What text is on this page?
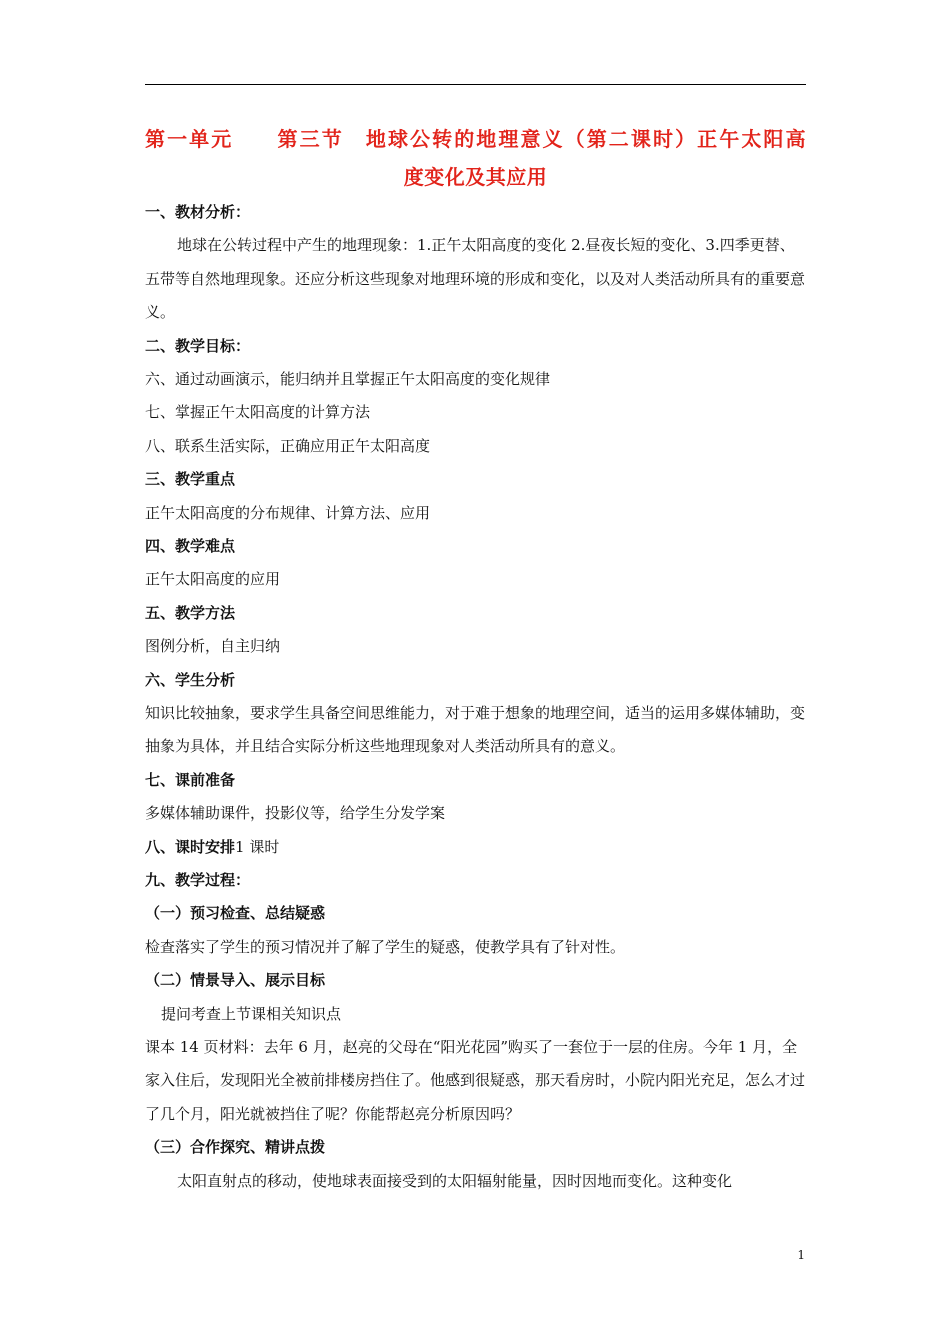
第一单元　　第三节　地球公转的地理意义（第二课时）正午太阳高
度变化及其应用
一、教材分析：
地球在公转过程中产生的地理现象：1.正午太阳高度的变化 2.昼夜长短的变化、3.四季更替、五带等自然地理现象。还应分析这些现象对地理环境的形成和变化，以及对人类活动所具有的重要意义。
二、教学目标：
六、通过动画演示，能归纳并且掌握正午太阳高度的变化规律
七、掌握正午太阳高度的计算方法
八、联系生活实际，正确应用正午太阳高度
三、教学重点
正午太阳高度的分布规律、计算方法、应用
四、教学难点
正午太阳高度的应用
五、教学方法
图例分析，自主归纳
六、学生分析
知识比较抽象，要求学生具备空间思维能力，对于难于想象的地理空间，适当的运用多媒体辅助，变抽象为具体，并且结合实际分析这些地理现象对人类活动所具有的意义。
七、课前准备
多媒体辅助课件，投影仪等，给学生分发学案
八、课时安排1 课时
九、教学过程：
（一）预习检查、总结疑惑
检查落实了学生的预习情况并了解了学生的疑惑，使教学具有了针对性。
（二）情景导入、展示目标
提问考查上节课相关知识点
课本 14 页材料：去年 6 月，赵亮的父母在“阳光花园”购买了一套位于一层的住房。今年 1 月，全家入住后，发现阳光全被前排楼房挡住了。他感到很疑惑，那天看房时，小院内阳光充足，怎么才过了几个月，阳光就被挡住了呢？你能帮赵亮分析原因吗？
（三）合作探究、精讲点拨
太阳直射点的移动，使地球表面接受到的太阳辐射能量，因时因地而变化。这种变化
1
